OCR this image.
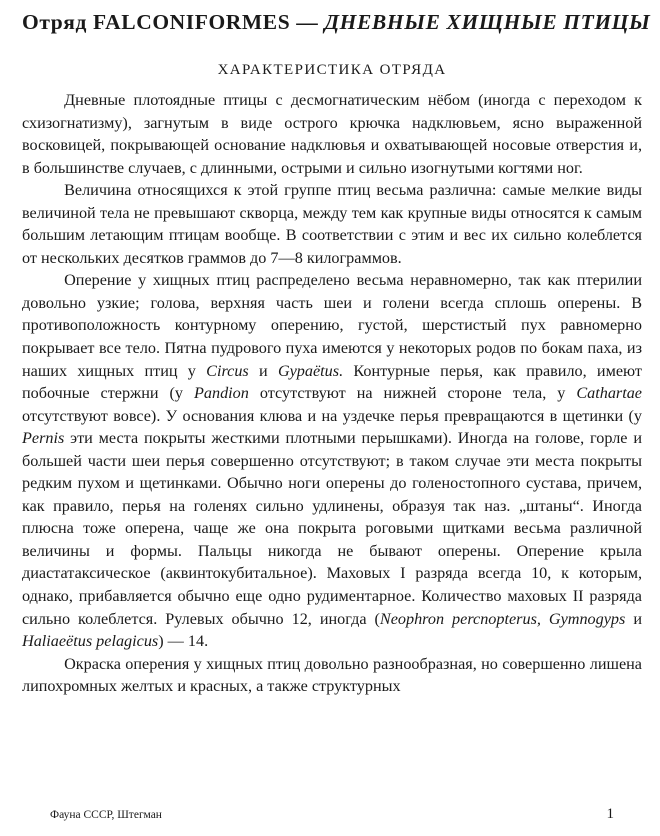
Отряд FALCONIFORMES — ДНЕВНЫЕ ХИЩНЫЕ ПТИЦЫ
ХАРАКТЕРИСТИКА ОТРЯДА

Дневные плотоядные птицы с десмогнатическим нёбом (иногда с переходом к схизогнатизму), загнутым в виде острого крючка надклювьем, ясно выраженной восковицей, покрывающей основание надклювья и охватывающей носовые отверстия и, в большинстве случаев, с длинными, острыми и сильно изогнутыми когтями ног.

Величина относящихся к этой группе птиц весьма различна: самые мелкие виды величиной тела не превышают скворца, между тем как крупные виды относятся к самым большим летающим птицам вообще. В соответствии с этим и вес их сильно колеблется от нескольких десятков граммов до 7—8 килограммов.

Оперение у хищных птиц распределено весьма неравномерно, так как птерилии довольно узкие; голова, верхняя часть шеи и голени всегда сплошь оперены. В противоположность контурному оперению, густой, шерстистый пух равномерно покрывает все тело. Пятна пудрового пуха имеются у некоторых родов по бокам паха, из наших хищных птиц у Circus и Gypaëtus. Контурные перья, как правило, имеют побочные стержни (у Pandion отсутствуют на нижней стороне тела, у Cathartae отсутствуют вовсе). У основания клюва и на уздечке перья превращаются в щетинки (у Pernis эти места покрыты жесткими плотными перышками). Иногда на голове, горле и большей части шеи перья совершенно отсутствуют; в таком случае эти места покрыты редким пухом и щетинками. Обычно ноги оперены до голеностопного сустава, причем, как правило, перья на голенях сильно удлинены, образуя так наз. „штаны“. Иногда плюсна тоже оперена, чаще же она покрыта роговыми щитками весьма различной величины и формы. Пальцы никогда не бывают оперены. Оперение крыла диастатаксическое (аквинтокубитальное). Маховых I разряда всегда 10, к которым, однако, прибавляется обычно еще одно рудиментарное. Количество маховых II разряда сильно колеблется. Рулевых обычно 12, иногда (Neophron percnopterus, Gymnogyps и Haliaeëtus pelagicus) — 14.

Окраска оперения у хищных птиц довольно разнообразная, но совершенно лишена липохромных желтых и красных, а также структурных

Фауна СССР, Штегман	1
